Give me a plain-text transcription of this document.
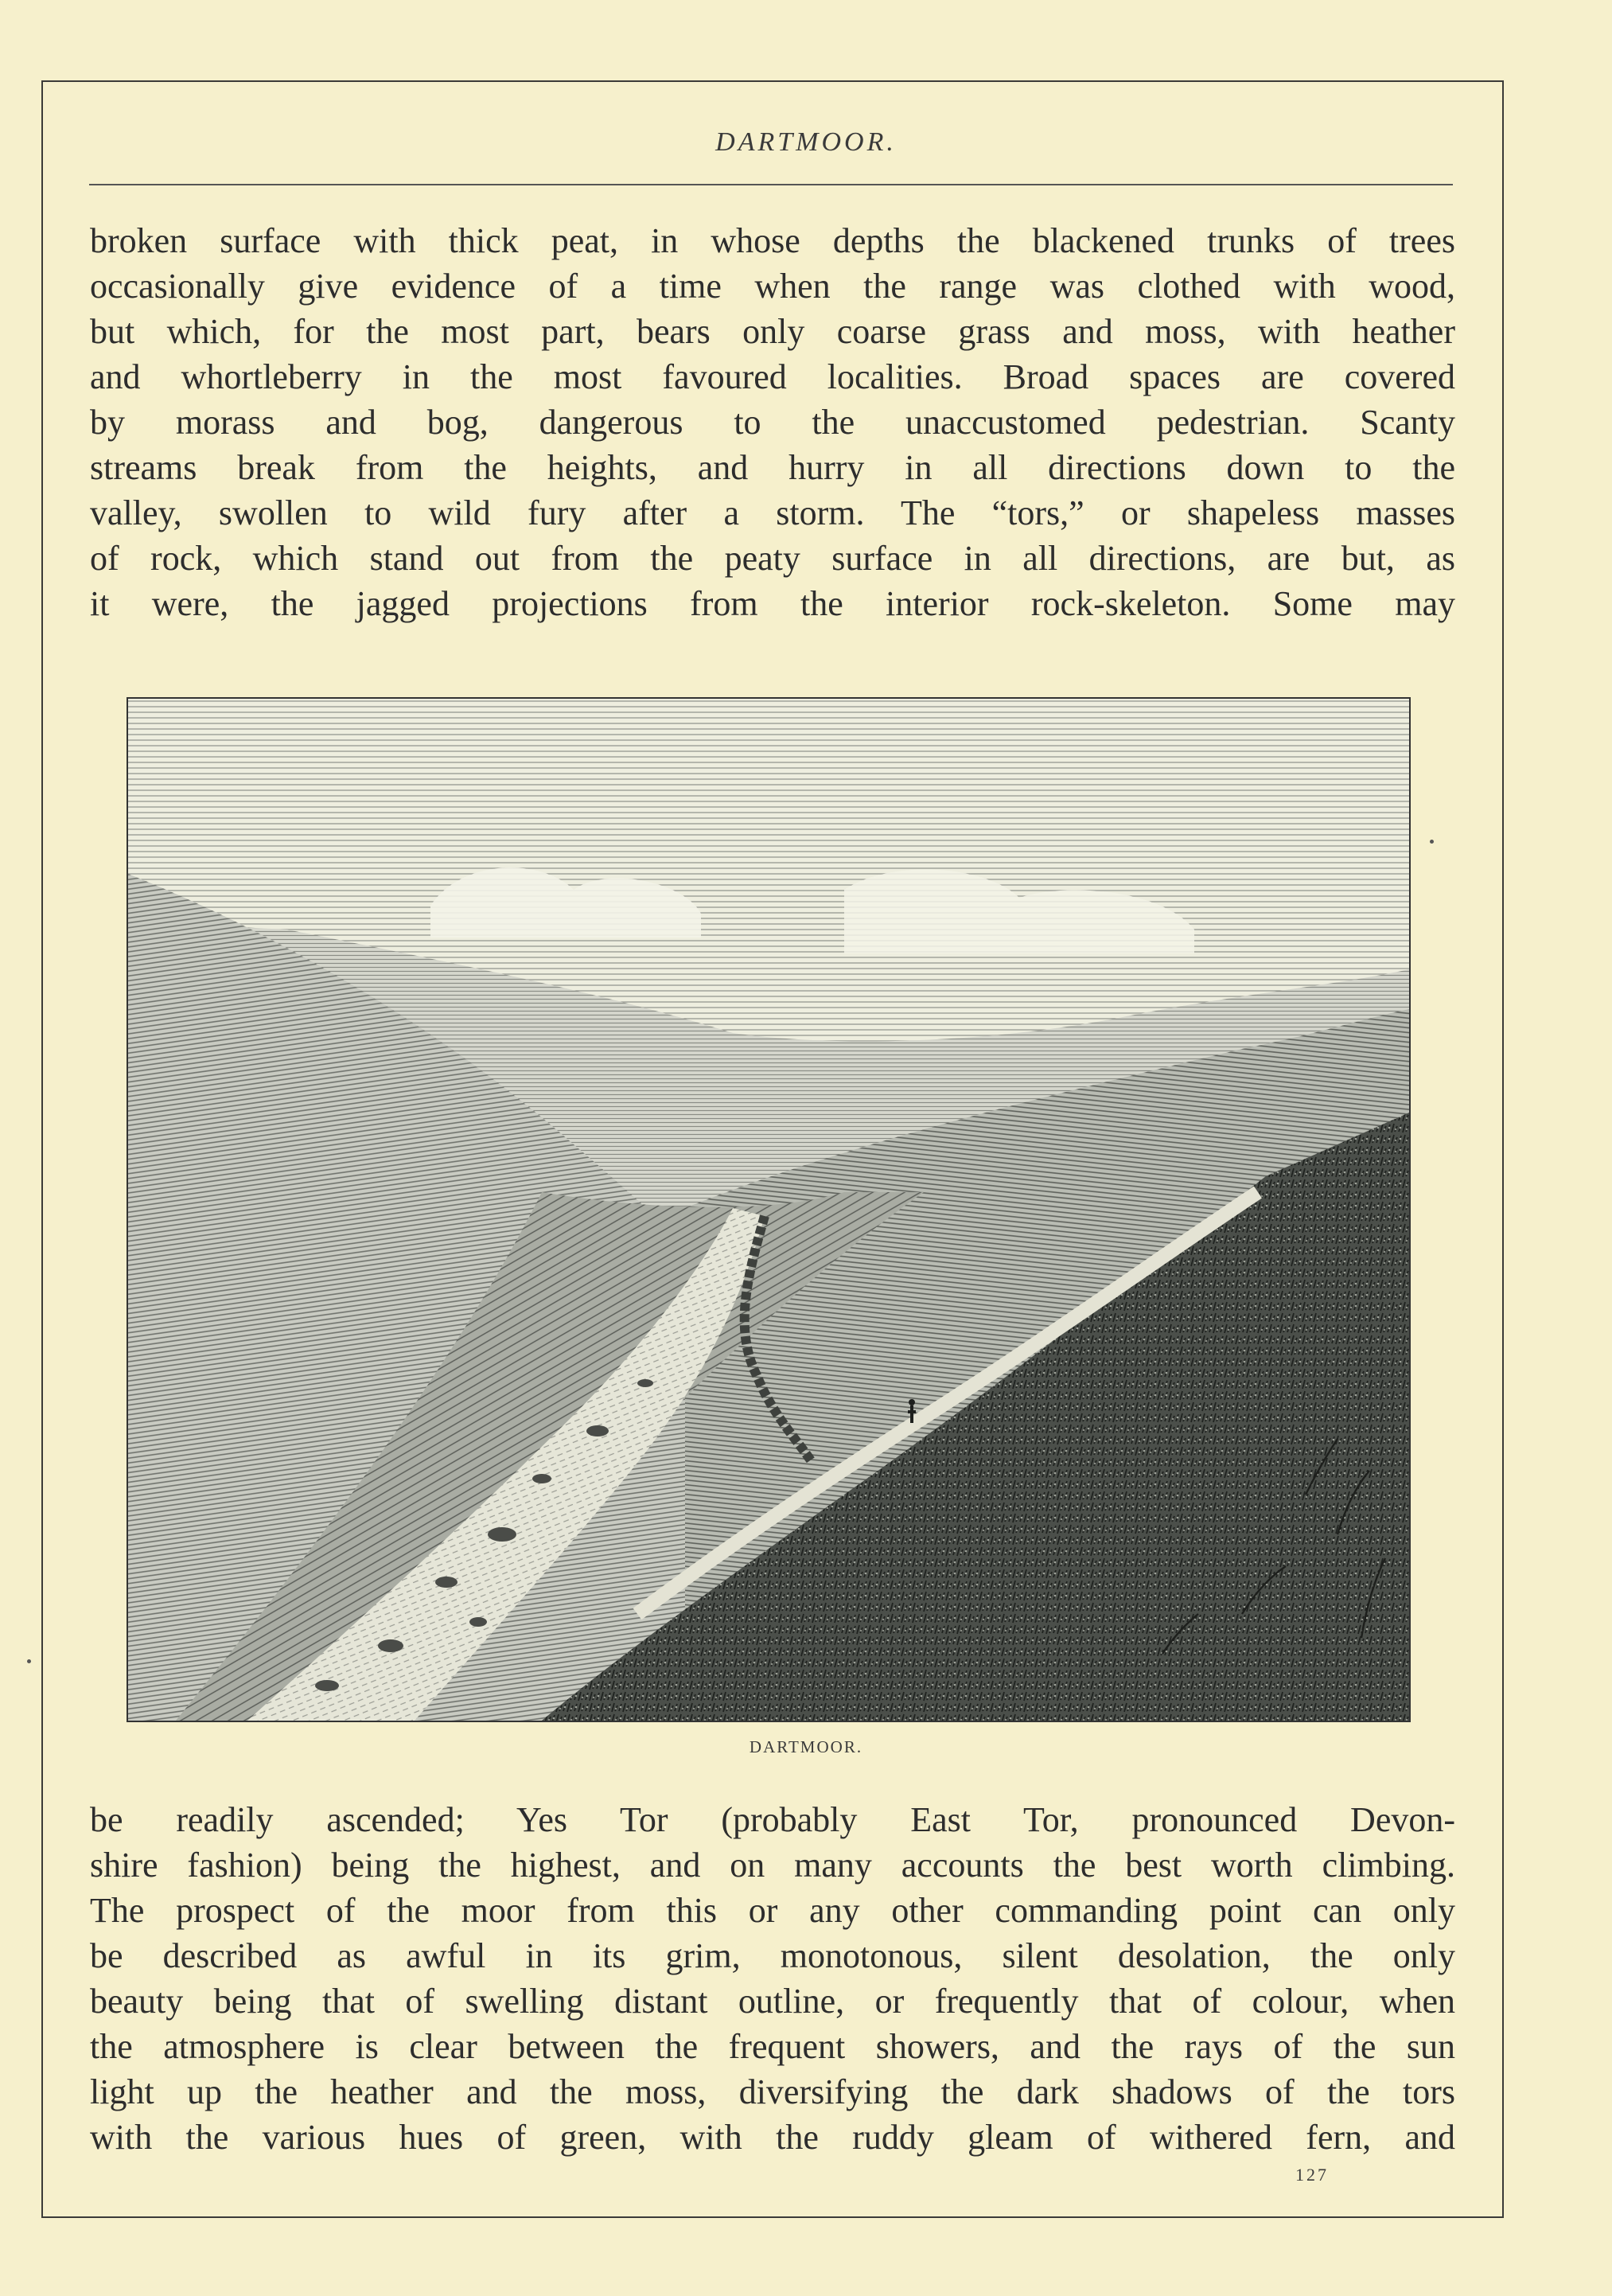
DARTMOOR.
broken surface with thick peat, in whose depths the blackened trunks of trees
occasionally give evidence of a time when the range was clothed with wood,
but which, for the most part, bears only coarse grass and moss, with heather
and whortleberry in the most favoured localities. Broad spaces are covered
by morass and bog, dangerous to the unaccustomed pedestrian. Scanty
streams break from the heights, and hurry in all directions down to the
valley, swollen to wild fury after a storm. The “tors,” or shapeless masses
of rock, which stand out from the peaty surface in all directions, are but, as
it were, the jagged projections from the interior rock-skeleton. Some may
DARTMOOR.
be readily ascended; Yes Tor (probably East Tor, pronounced Devon-
shire fashion) being the highest, and on many accounts the best worth climbing.
The prospect of the moor from this or any other commanding point can only
be described as awful in its grim, monotonous, silent desolation, the only
beauty being that of swelling distant outline, or frequently that of colour, when
the atmosphere is clear between the frequent showers, and the rays of the sun
light up the heather and the moss, diversifying the dark shadows of the tors
with the various hues of green, with the ruddy gleam of withered fern, and
127
